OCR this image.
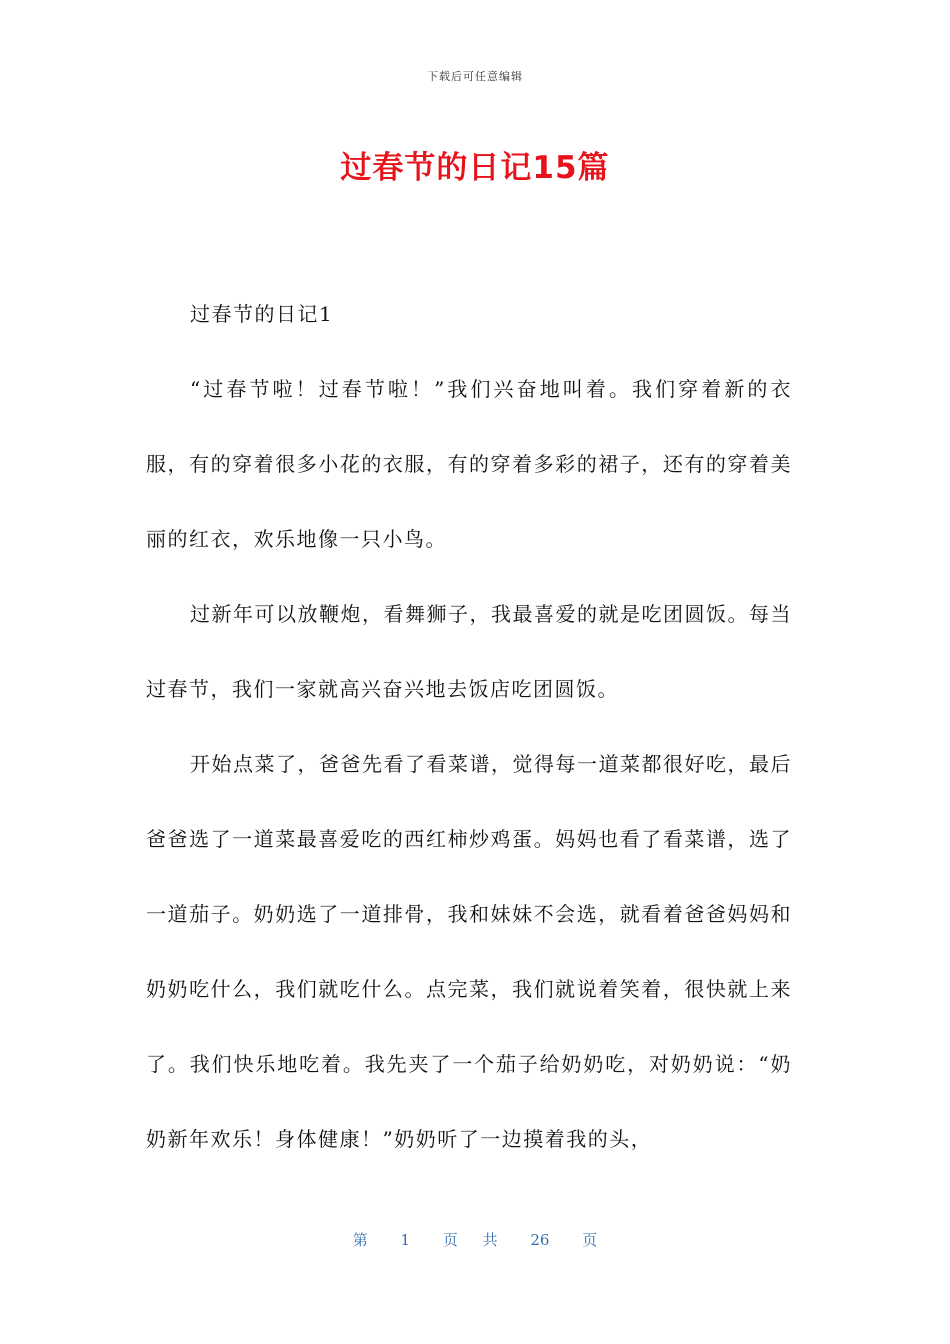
下载后可任意编辑
过春节的日记15篇

过春节的日记1

“过春节啦！过春节啦！”我们兴奋地叫着。我们穿着新的衣服，有的穿着很多小花的衣服，有的穿着多彩的裙子，还有的穿着美丽的红衣，欢乐地像一只小鸟。

过新年可以放鞭炮，看舞狮子，我最喜爱的就是吃团圆饭。每当过春节，我们一家就高兴奋兴地去饭店吃团圆饭。

开始点菜了，爸爸先看了看菜谱，觉得每一道菜都很好吃，最后爸爸选了一道菜最喜爱吃的西红柿炒鸡蛋。妈妈也看了看菜谱，选了一道茄子。奶奶选了一道排骨，我和妹妹不会选，就看着爸爸妈妈和奶奶吃什么，我们就吃什么。点完菜，我们就说着笑着，很快就上来了。我们快乐地吃着。我先夹了一个茄子给奶奶吃，对奶奶说：“奶奶新年欢乐！身体健康！”奶奶听了一边摸着我的头，

第 1 页 共 26 页
